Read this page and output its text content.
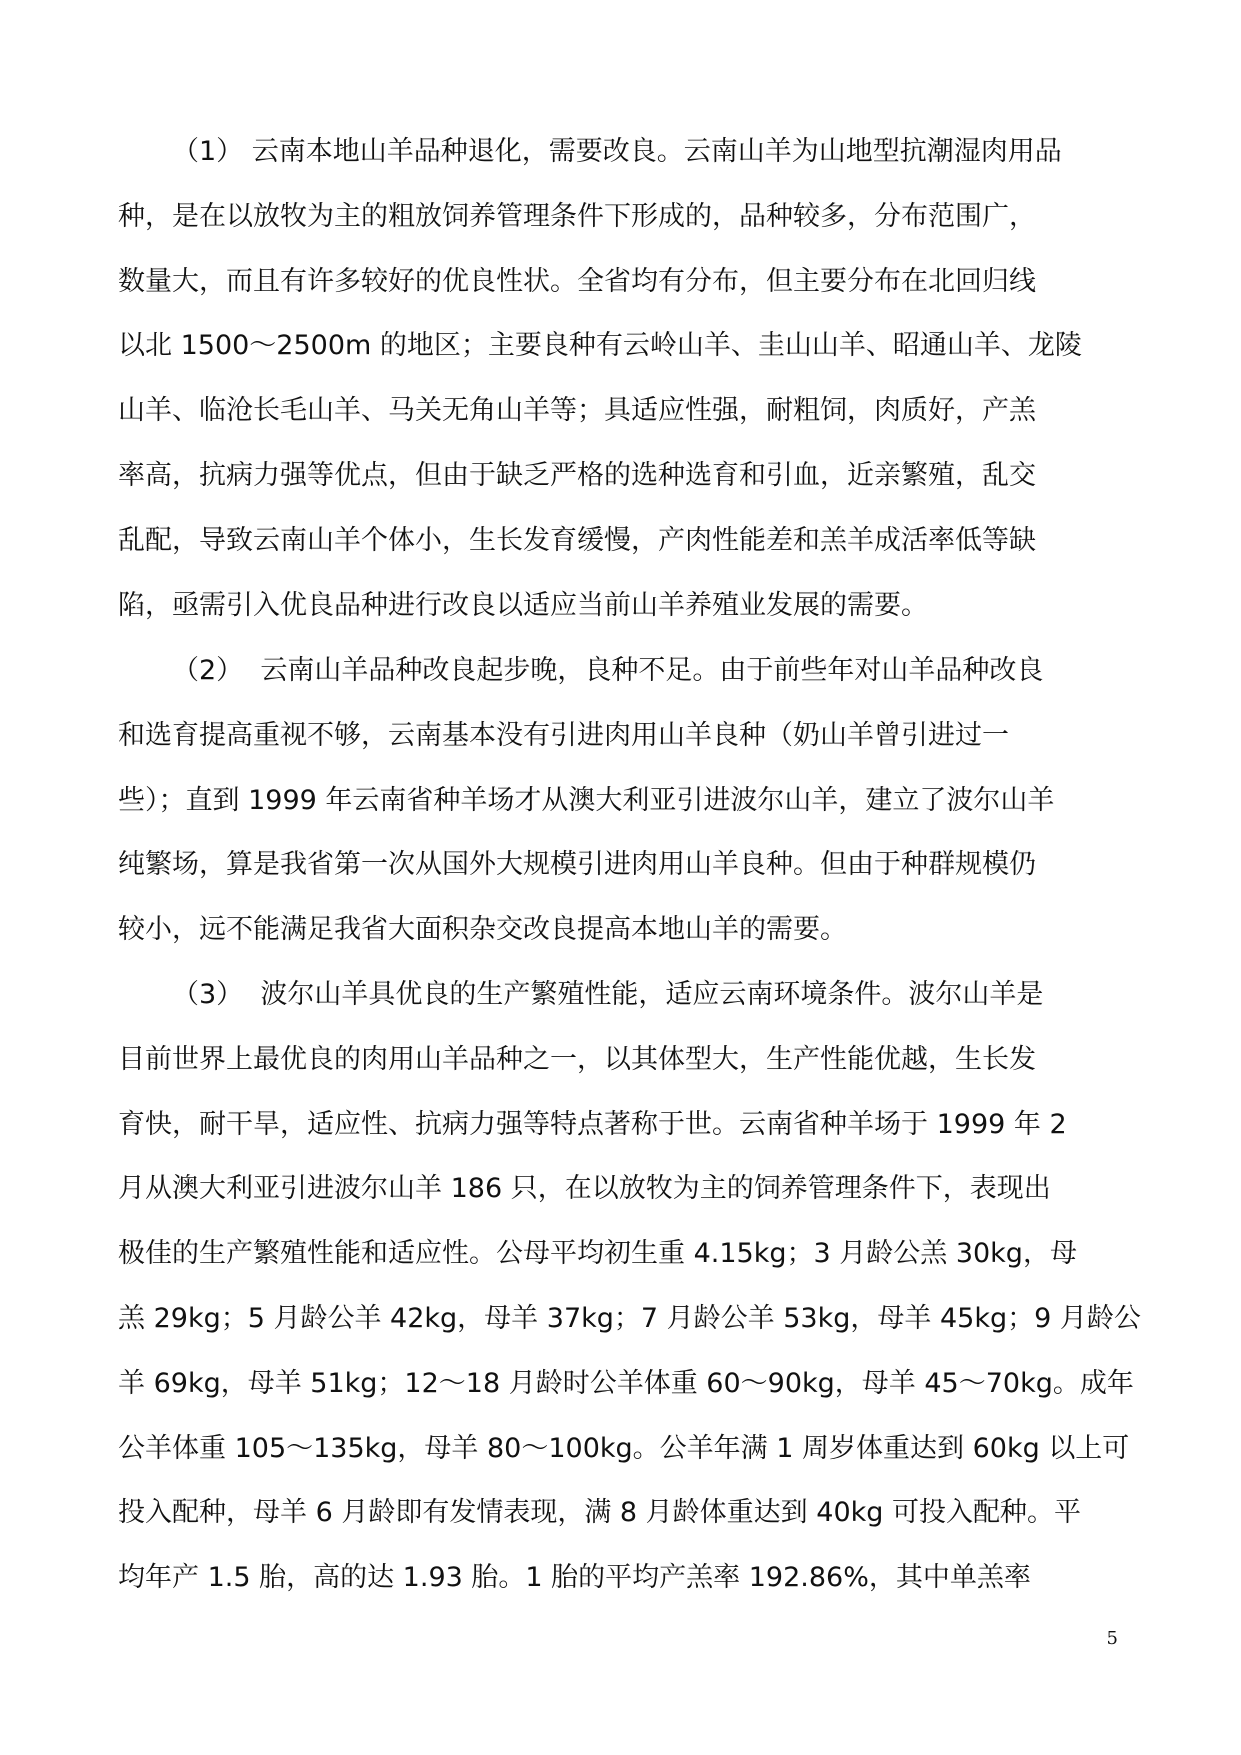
（1） 云南本地山羊品种退化，需要改良。云南山羊为山地型抗潮湿肉用品
种，是在以放牧为主的粗放饲养管理条件下形成的，品种较多，分布范围广，
数量大，而且有许多较好的优良性状。全省均有分布，但主要分布在北回归线
以北 1500～2500m 的地区；主要良种有云岭山羊、圭山山羊、昭通山羊、龙陵
山羊、临沧长毛山羊、马关无角山羊等；具适应性强，耐粗饲，肉质好，产羔
率高，抗病力强等优点，但由于缺乏严格的选种选育和引血，近亲繁殖，乱交
乱配，导致云南山羊个体小，生长发育缓慢，产肉性能差和羔羊成活率低等缺
陷，亟需引入优良品种进行改良以适应当前山羊养殖业发展的需要。
（2）  云南山羊品种改良起步晚，良种不足。由于前些年对山羊品种改良
和选育提高重视不够，云南基本没有引进肉用山羊良种（奶山羊曾引进过一
些）；直到 1999 年云南省种羊场才从澳大利亚引进波尔山羊，建立了波尔山羊
纯繁场，算是我省第一次从国外大规模引进肉用山羊良种。但由于种群规模仍
较小，远不能满足我省大面积杂交改良提高本地山羊的需要。
（3）  波尔山羊具优良的生产繁殖性能，适应云南环境条件。波尔山羊是
目前世界上最优良的肉用山羊品种之一，以其体型大，生产性能优越，生长发
育快，耐干旱，适应性、抗病力强等特点著称于世。云南省种羊场于 1999 年 2
月从澳大利亚引进波尔山羊 186 只，在以放牧为主的饲养管理条件下，表现出
极佳的生产繁殖性能和适应性。公母平均初生重 4.15kg；3 月龄公羔 30kg，母
羔 29kg；5 月龄公羊 42kg，母羊 37kg；7 月龄公羊 53kg，母羊 45kg；9 月龄公
羊 69kg，母羊 51kg；12～18 月龄时公羊体重 60～90kg，母羊 45～70kg。成年
公羊体重 105～135kg，母羊 80～100kg。公羊年满 1 周岁体重达到 60kg 以上可
投入配种，母羊 6 月龄即有发情表现，满 8 月龄体重达到 40kg 可投入配种。平
均年产 1.5 胎，高的达 1.93 胎。1 胎的平均产羔率 192.86%，其中单羔率
5
